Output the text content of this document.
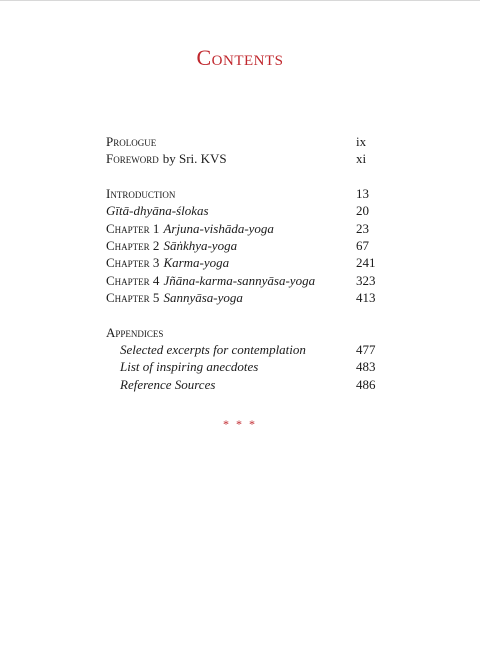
Contents
Prologue	ix
Foreword by Sri. KVS	xi
Introduction	13
Gītā-dhyāna-ślokas	20
Chapter 1 Arjuna-vishāda-yoga	23
Chapter 2 Sāṅkhya-yoga	67
Chapter 3 Karma-yoga	241
Chapter 4 Jñāna-karma-sannyāsa-yoga	323
Chapter 5 Sannyāsa-yoga	413
Appendices
Selected excerpts for contemplation	477
List of inspiring anecdotes	483
Reference Sources	486
* * *
